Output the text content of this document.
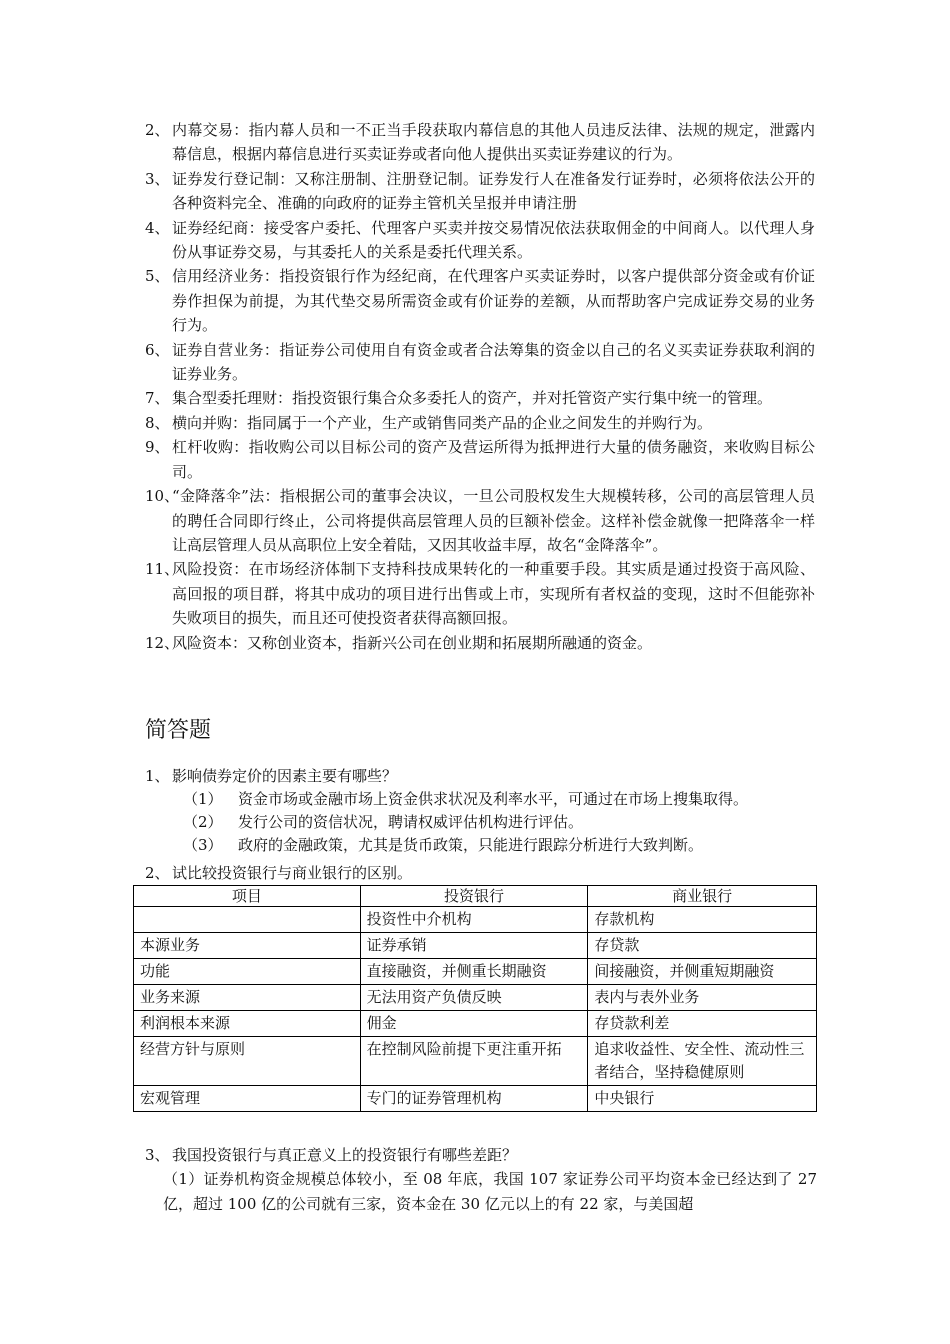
2、 内幕交易：指内幕人员和一不正当手段获取内幕信息的其他人员违反法律、法规的规定，泄露内幕信息，根据内幕信息进行买卖证券或者向他人提供出买卖证券建议的行为。
3、 证券发行登记制：又称注册制、注册登记制。证券发行人在准备发行证券时，必须将依法公开的各种资料完全、准确的向政府的证券主管机关呈报并申请注册
4、 证券经纪商：接受客户委托、代理客户买卖并按交易情况依法获取佣金的中间商人。以代理人身份从事证券交易，与其委托人的关系是委托代理关系。
5、 信用经济业务：指投资银行作为经纪商，在代理客户买卖证券时，以客户提供部分资金或有价证券作担保为前提，为其代垫交易所需资金或有价证券的差额，从而帮助客户完成证券交易的业务行为。
6、 证券自营业务：指证券公司使用自有资金或者合法筹集的资金以自己的名义买卖证券获取利润的证券业务。
7、 集合型委托理财：指投资银行集合众多委托人的资产，并对托管资产实行集中统一的管理。
8、 横向并购：指同属于一个产业，生产或销售同类产品的企业之间发生的并购行为。
9、 杠杆收购：指收购公司以目标公司的资产及营运所得为抵押进行大量的债务融资，来收购目标公司。
10、
“金降落伞”法：指根据公司的董事会决议，一旦公司股权发生大规模转移，公司的高层管理人员的聘任合同即行终止，公司将提供高层管理人员的巨额补偿金。这样补偿金就像一把降落伞一样让高层管理人员从高职位上安全着陆，又因其收益丰厚，故名“金降落伞”。
11、
风险投资：在市场经济体制下支持科技成果转化的一种重要手段。其实质是通过投资于高风险、高回报的项目群，将其中成功的项目进行出售或上市，实现所有者权益的变现，这时不但能弥补失败项目的损失，而且还可使投资者获得高额回报。
12、
风险资本：又称创业资本，指新兴公司在创业期和拓展期所融通的资金。
简答题
1、 影响债券定价的因素主要有哪些？
（1）	资金市场或金融市场上资金供求状况及利率水平，可通过在市场上搜集取得。
（2）	发行公司的资信状况，聘请权威评估机构进行评估。
（3）	政府的金融政策，尤其是货币政策，只能进行跟踪分析进行大致判断。
2、 试比较投资银行与商业银行的区别。
项目	投资银行	商业银行
	投资性中介机构	存款机构
本源业务	证券承销	存贷款
功能	直接融资，并侧重长期融资	间接融资，并侧重短期融资
业务来源	无法用资产负债反映	表内与表外业务
利润根本来源	佣金	存贷款利差
经营方针与原则	在控制风险前提下更注重开拓	追求收益性、安全性、流动性三者结合，坚持稳健原则
宏观管理	专门的证券管理机构	中央银行
3、 我国投资银行与真正意义上的投资银行有哪些差距？
（1）证券机构资金规模总体较小，至 08 年底，我国 107 家证券公司平均资本金已经达到了 27 亿，超过 100 亿的公司就有三家，资本金在 30 亿元以上的有 22 家，与美国超
